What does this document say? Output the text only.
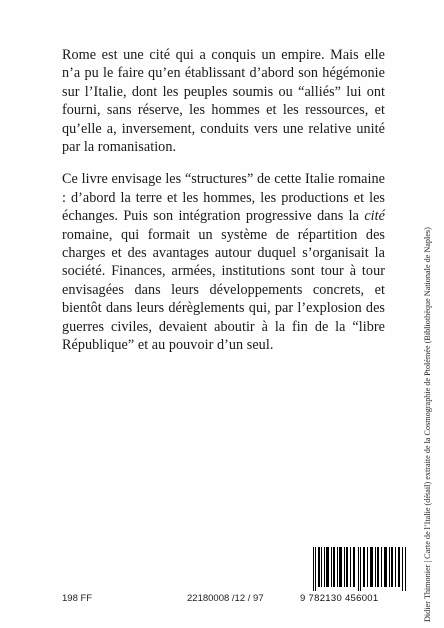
Rome est une cité qui a conquis un empire. Mais elle n’a pu le faire qu’en établissant d’abord son hégémonie sur l’Italie, dont les peuples soumis ou “alliés” lui ont fourni, sans réserve, les hommes et les ressources, et qu’elle a, inversement, conduits vers une relative unité par la romanisation.

Ce livre envisage les “structures” de cette Italie romaine : d’abord la terre et les hommes, les productions et les échanges. Puis son intégration progressive dans la cité romaine, qui formait un système de répartition des charges et des avantages autour duquel s’organisait la société. Finances, armées, institutions sont tour à tour envisagées dans leurs développements concrets, et bientôt dans leurs dérèglements qui, par l’explosion des guerres civiles, devaient aboutir à la fin de la “libre République” et au pouvoir d’un seul.	Didier Thimonier | Carte de l’Italie (détail) extraite de la Cosmographie de Ptolémée (Bibliothèque Nationale de Naples)
9 782130 456001
198 FF	22180008 /12 / 97
